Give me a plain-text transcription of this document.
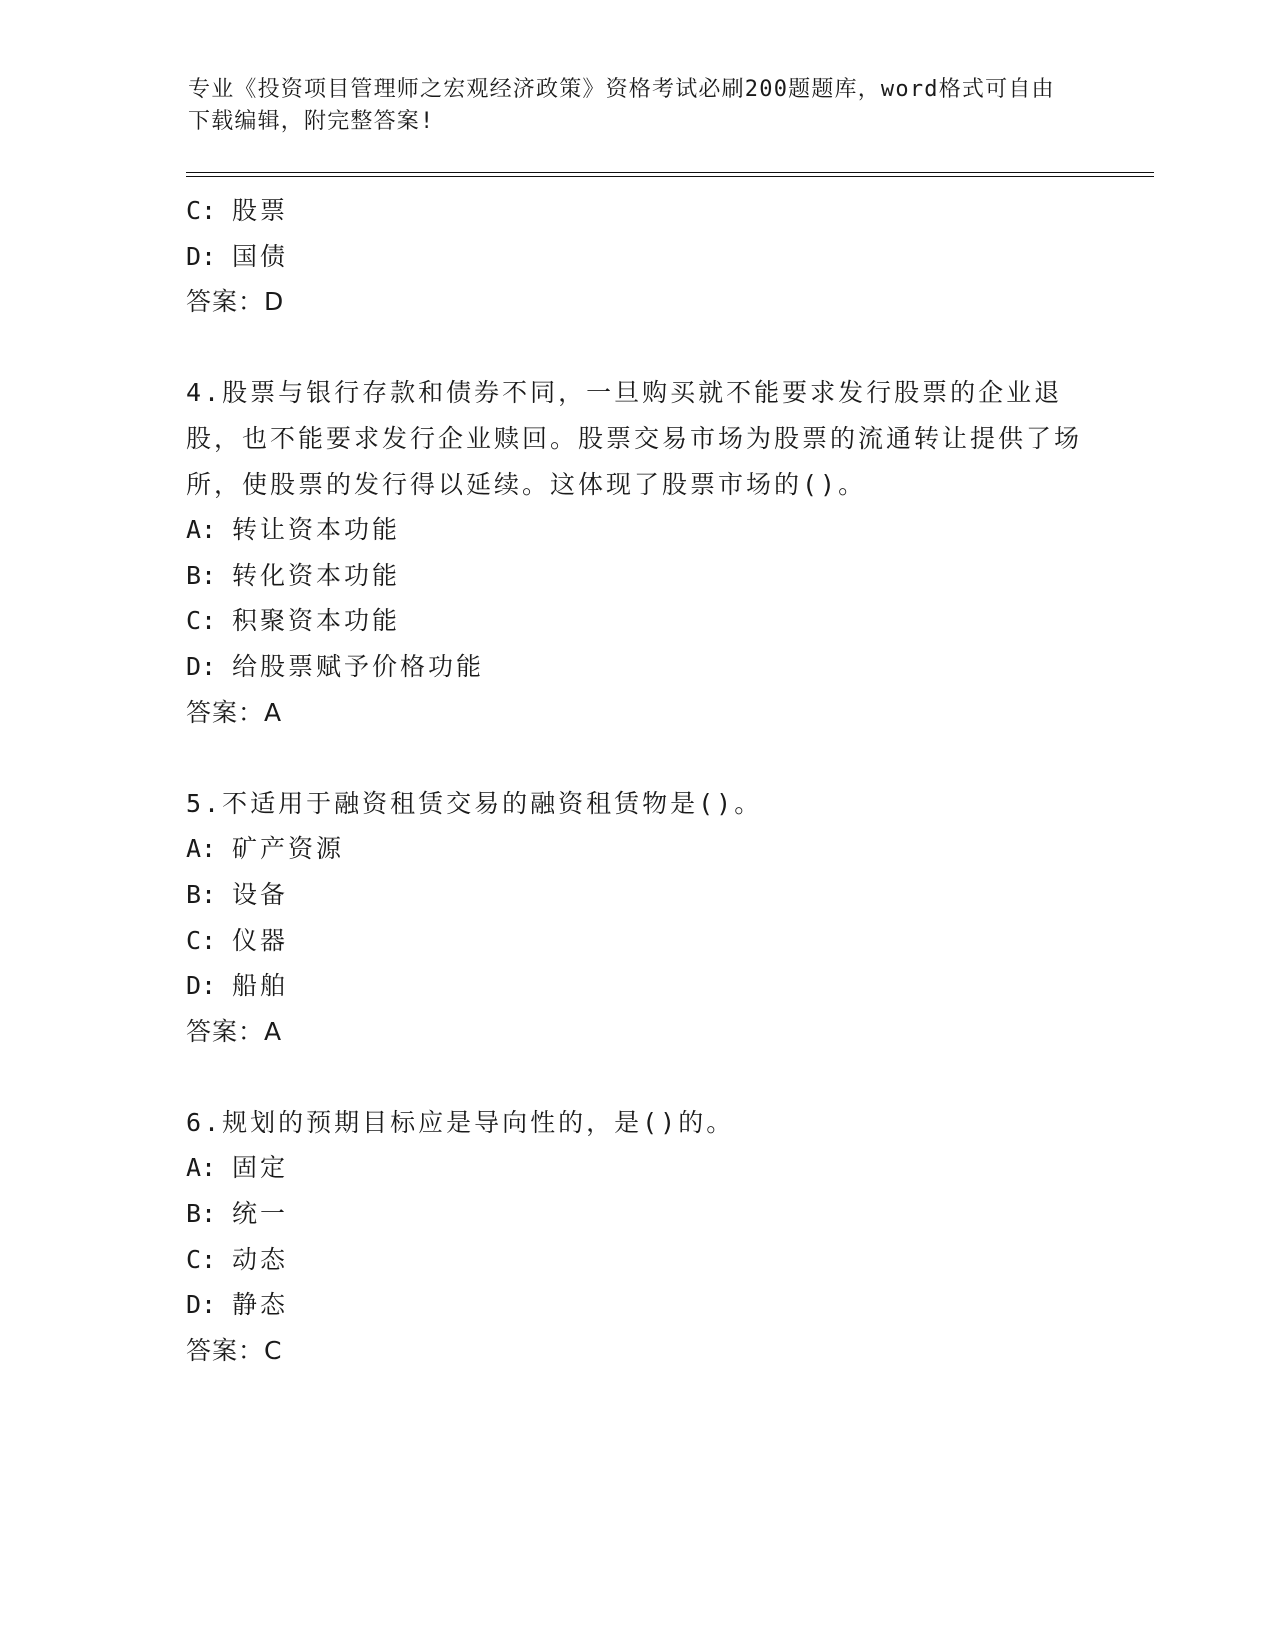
专业《投资项目管理师之宏观经济政策》资格考试必刷200题题库，word格式可自由下载编辑，附完整答案!
C: 股票
D: 国债
答案：D
4.股票与银行存款和债券不同，一旦购买就不能要求发行股票的企业退股，也不能要求发行企业赎回。股票交易市场为股票的流通转让提供了场所，使股票的发行得以延续。这体现了股票市场的()。
A: 转让资本功能
B: 转化资本功能
C: 积聚资本功能
D: 给股票赋予价格功能
答案：A
5.不适用于融资租赁交易的融资租赁物是()。
A: 矿产资源
B: 设备
C: 仪器
D: 船舶
答案：A
6.规划的预期目标应是导向性的，是()的。
A: 固定
B: 统一
C: 动态
D: 静态
答案：C
